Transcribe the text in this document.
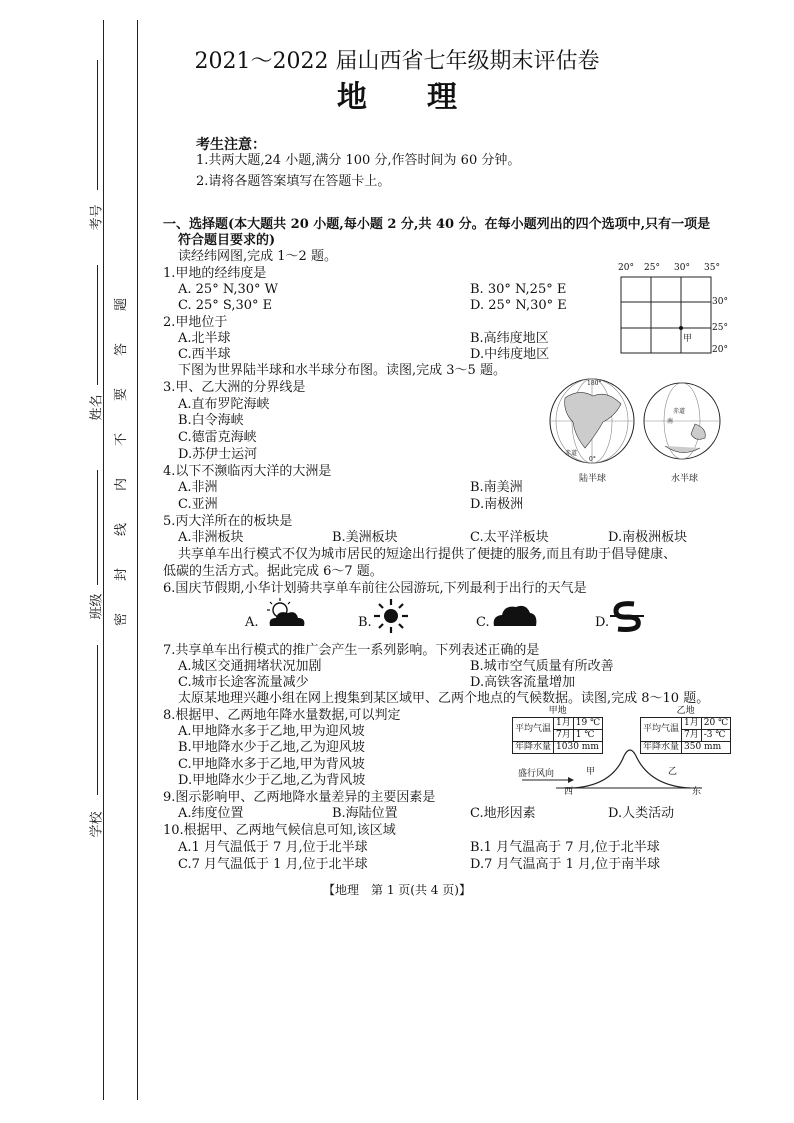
考号
姓名
班级
学校
题
答
要
不
内
线
封
密
2021～2022 届山西省七年级期末评估卷
地　　理
考生注意：
1.共两大题,24 小题,满分 100 分,作答时间为 60 分钟。
2.请将各题答案填写在答题卡上。
一、选择题(本大题共 20 小题,每小题 2 分,共 40 分。在每小题列出的四个选项中,只有一项是
符合题目要求的)
读经纬网图,完成 1～2 题。
1.甲地的经纬度是
A. 25° N,30° W	B. 30° N,25° E
C. 25° S,30° E	D. 25° N,30° E
20° 25° 30° 35°
30°
25°
20°
甲
2.甲地位于
A.北半球	B.高纬度地区
C.西半球	D.中纬度地区
下图为世界陆半球和水半球分布图。读图,完成 3～5 题。
180°
赤道
0°
赤道
南
陆半球	水半球
3.甲、乙大洲的分界线是
A.直布罗陀海峡
B.白令海峡
C.德雷克海峡
D.苏伊士运河
4.以下不濒临丙大洋的大洲是
A.非洲	B.南美洲
C.亚洲	D.南极洲
5.丙大洋所在的板块是
A.非洲板块	B.美洲板块	C.太平洋板块	D.南极洲板块
共享单车出行模式不仅为城市居民的短途出行提供了便捷的服务,而且有助于倡导健康、
低碳的生活方式。据此完成 6～7 题。
6.国庆节假期,小华计划骑共享单车前往公园游玩,下列最利于出行的天气是
A.	B.	C.	D.
7.共享单车出行模式的推广会产生一系列影响。下列表述正确的是
A.城区交通拥堵状况加剧	B.城市空气质量有所改善
C.城市长途客流量减少	D.高铁客流量增加
太原某地理兴趣小组在网上搜集到某区域甲、乙两个地点的气候数据。读图,完成 8～10 题。
8.根据甲、乙两地年降水量数据,可以判定
A.甲地降水多于乙地,甲为迎风坡
B.甲地降水少于乙地,乙为迎风坡
C.甲地降水多于乙地,甲为背风坡
D.甲地降水少于乙地,乙为背风坡
甲地		
平均气温	1月	19 ℃
	7月	1 ℃
年降水量	1030 mm	
乙地		
平均气温	1月	20 ℃
	7月	-3 ℃
年降水量	350 mm	
盛行风向	甲	乙
西	东
9.图示影响甲、乙两地降水量差异的主要因素是
A.纬度位置	B.海陆位置	C.地形因素	D.人类活动
10.根据甲、乙两地气候信息可知,该区域
A.1 月气温低于 7 月,位于北半球	B.1 月气温高于 7 月,位于北半球
C.7 月气温低于 1 月,位于北半球	D.7 月气温高于 1 月,位于南半球
【地理　第 1 页(共 4 页)】
